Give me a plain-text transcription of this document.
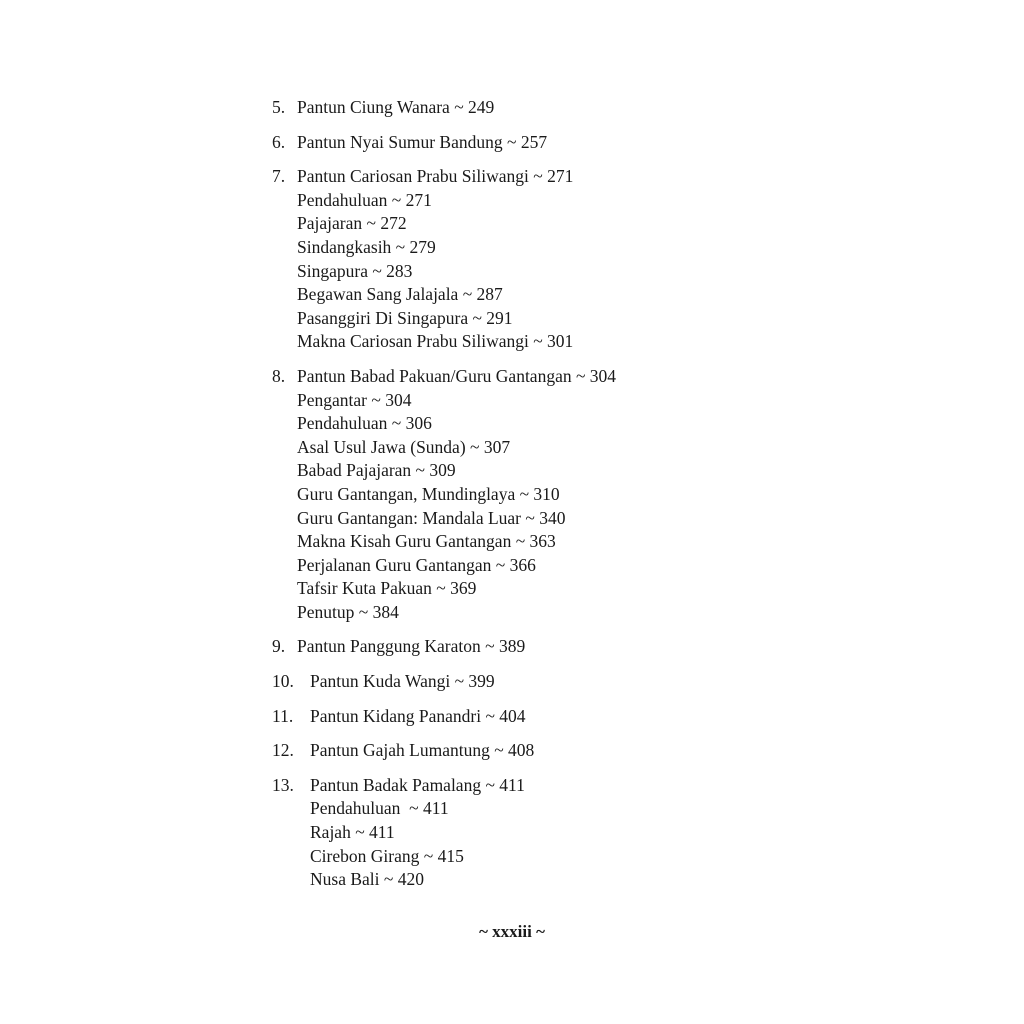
5. Pantun Ciung Wanara ~ 249
6. Pantun Nyai Sumur Bandung ~ 257
7. Pantun Cariosan Prabu Siliwangi ~ 271
Pendahuluan ~ 271
Pajajaran ~ 272
Sindangkasih ~ 279
Singapura ~ 283
Begawan Sang Jalajala ~ 287
Pasanggiri Di Singapura ~ 291
Makna Cariosan Prabu Siliwangi ~ 301
8. Pantun Babad Pakuan/Guru Gantangan ~ 304
Pengantar ~ 304
Pendahuluan ~ 306
Asal Usul Jawa (Sunda) ~ 307
Babad Pajajaran ~ 309
Guru Gantangan, Mundinglaya ~ 310
Guru Gantangan: Mandala Luar ~ 340
Makna Kisah Guru Gantangan ~ 363
Perjalanan Guru Gantangan ~ 366
Tafsir Kuta Pakuan ~ 369
Penutup ~ 384
9. Pantun Panggung Karaton ~ 389
10. Pantun Kuda Wangi ~ 399
11. Pantun Kidang Panandri ~ 404
12. Pantun Gajah Lumantung ~ 408
13. Pantun Badak Pamalang ~ 411
Pendahuluan  ~ 411
Rajah ~ 411
Cirebon Girang ~ 415
Nusa Bali ~ 420
~ xxxiii ~
